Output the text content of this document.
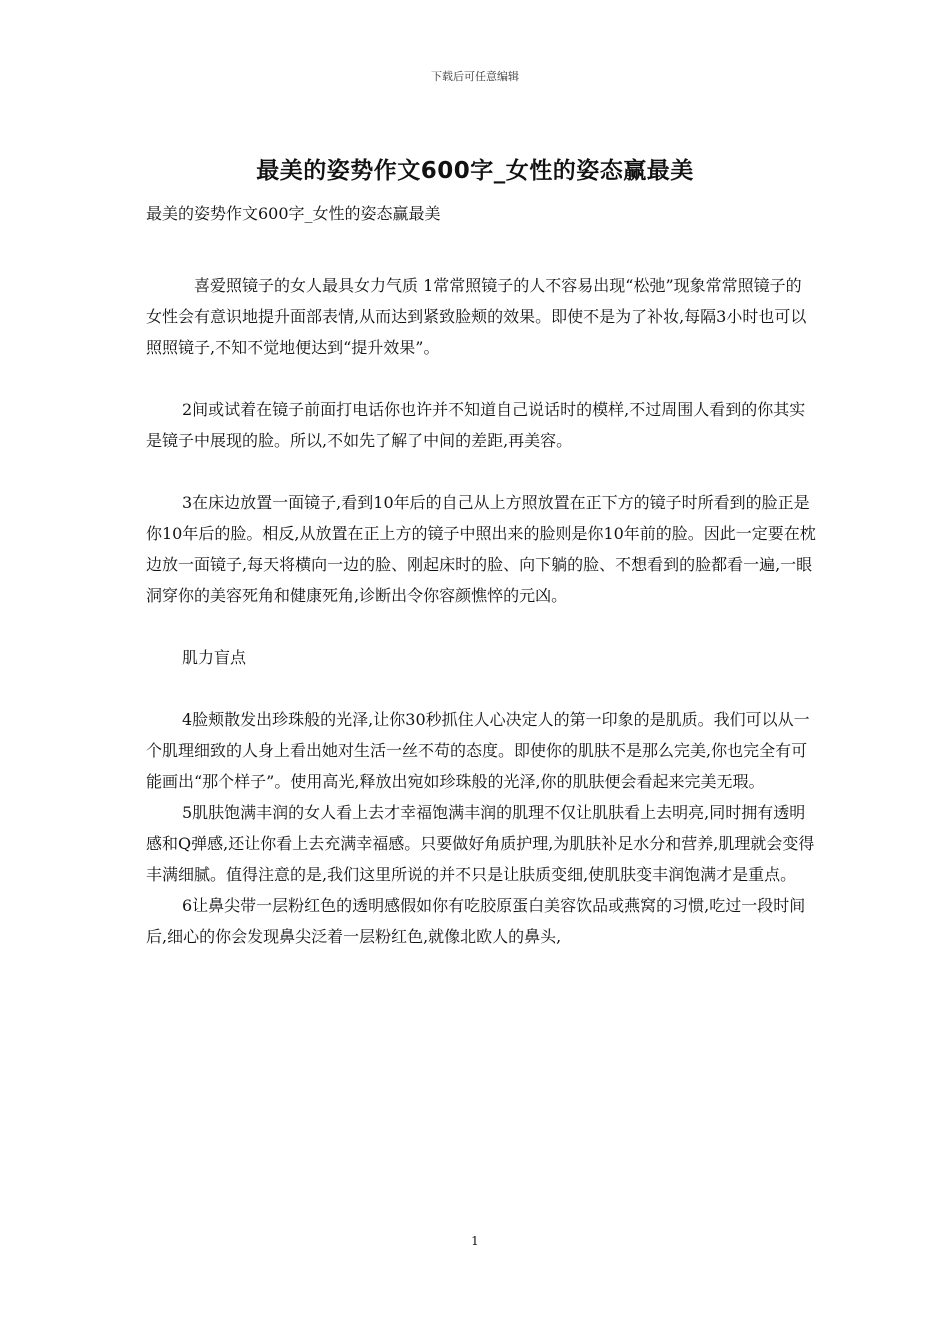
下载后可任意编辑
最美的姿势作文600字_女性的姿态赢最美
最美的姿势作文600字_女性的姿态赢最美

喜爱照镜子的女人最具女力气质 1常常照镜子的人不容易出现“松弛”现象常常照镜子的女性会有意识地提升面部表情,从而达到紧致脸颊的效果。即使不是为了补妆,每隔3小时也可以照照镜子,不知不觉地便达到“提升效果”。

2间或试着在镜子前面打电话你也许并不知道自己说话时的模样,不过周围人看到的你其实是镜子中展现的脸。所以,不如先了解了中间的差距,再美容。

3在床边放置一面镜子,看到10年后的自己从上方照放置在正下方的镜子时所看到的脸正是你10年后的脸。相反,从放置在正上方的镜子中照出来的脸则是你10年前的脸。因此一定要在枕边放一面镜子,每天将横向一边的脸、刚起床时的脸、向下躺的脸、不想看到的脸都看一遍,一眼洞穿你的美容死角和健康死角,诊断出令你容颜憔悴的元凶。

肌力盲点

4脸颊散发出珍珠般的光泽,让你30秒抓住人心决定人的第一印象的是肌质。我们可以从一个肌理细致的人身上看出她对生活一丝不苟的态度。即使你的肌肤不是那么完美,你也完全有可能画出“那个样子”。使用高光,释放出宛如珍珠般的光泽,你的肌肤便会看起来完美无瑕。

5肌肤饱满丰润的女人看上去才幸福饱满丰润的肌理不仅让肌肤看上去明亮,同时拥有透明感和Q弹感,还让你看上去充满幸福感。只要做好角质护理,为肌肤补足水分和营养,肌理就会变得丰满细腻。值得注意的是,我们这里所说的并不只是让肤质变细,使肌肤变丰润饱满才是重点。

6让鼻尖带一层粉红色的透明感假如你有吃胶原蛋白美容饮品或燕窝的习惯,吃过一段时间后,细心的你会发现鼻尖泛着一层粉红色,就像北欧人的鼻头,

1
